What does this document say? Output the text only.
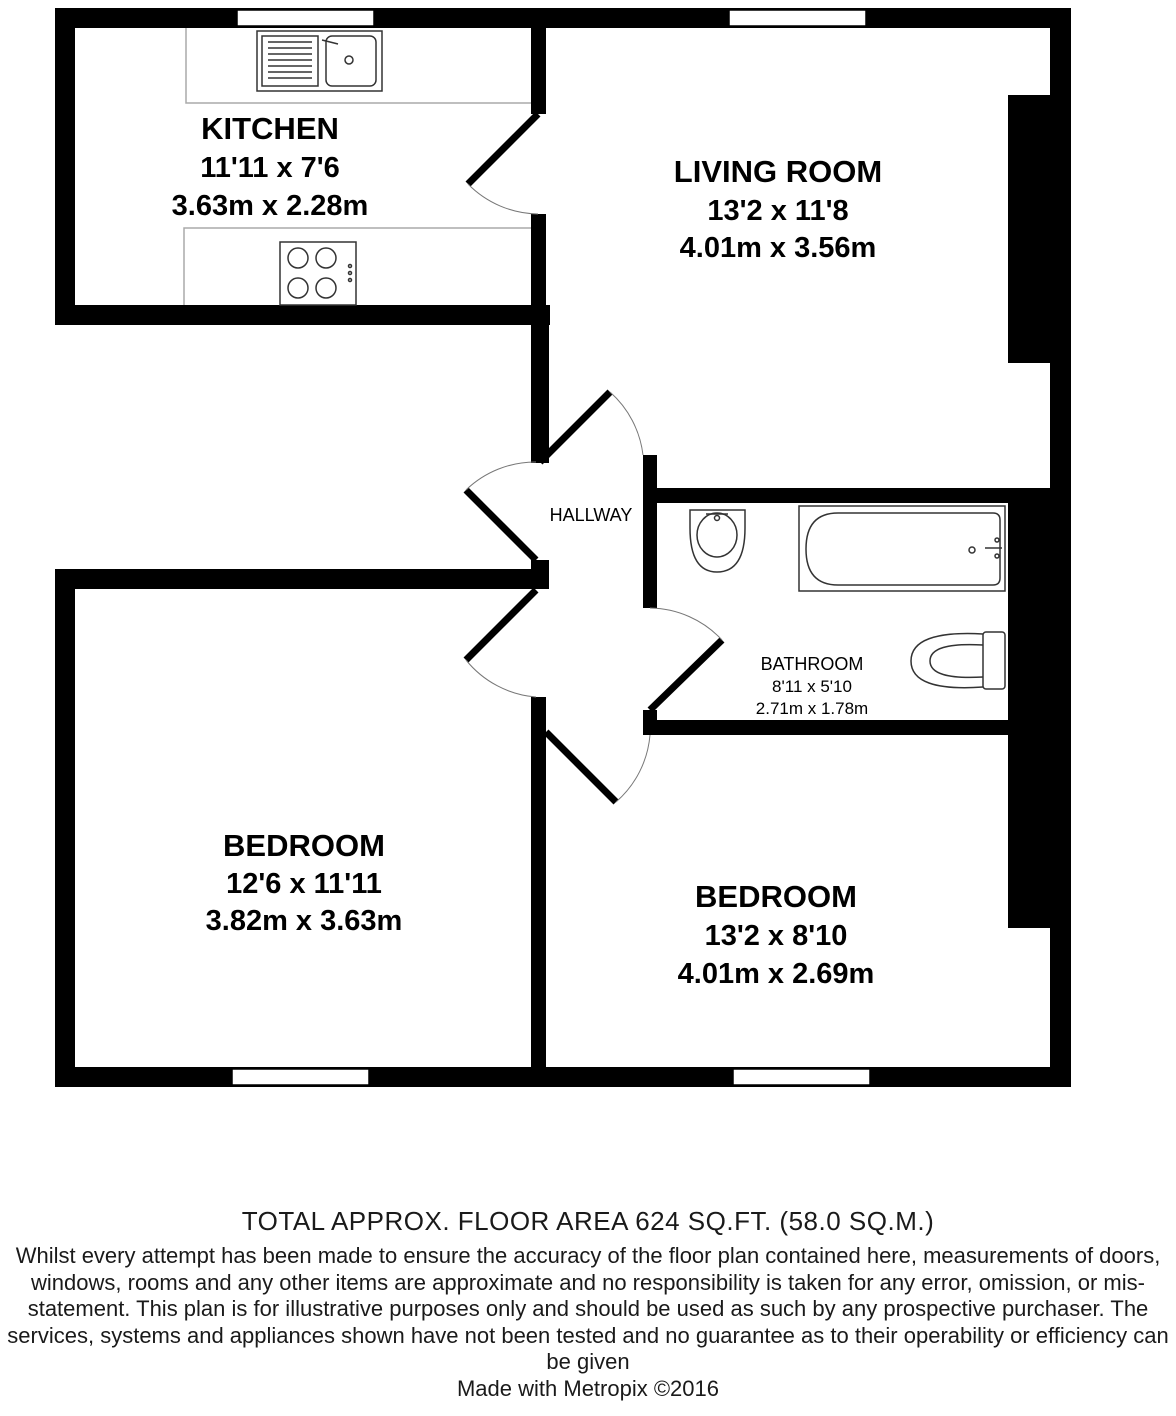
KITCHEN
11'11 x 7'6
3.63m x 2.28m
LIVING ROOM
13'2 x 11'8
4.01m x 3.56m
HALLWAY
BATHROOM
8'11 x 5'10
2.71m x 1.78m
BEDROOM
12'6 x 11'11
3.82m x 3.63m
BEDROOM
13'2 x 8'10
4.01m x 2.69m
TOTAL APPROX. FLOOR AREA 624 SQ.FT. (58.0 SQ.M.)
Whilst every attempt has been made to ensure the accuracy of the floor plan contained here, measurements of doors, windows, rooms and any other items are approximate and no responsibility is taken for any error, omission, or mis-statement. This plan is for illustrative purposes only and should be used as such by any prospective purchaser. The services, systems and appliances shown have not been tested and no guarantee as to their operability or efficiency can be given
Made with Metropix ©2016
